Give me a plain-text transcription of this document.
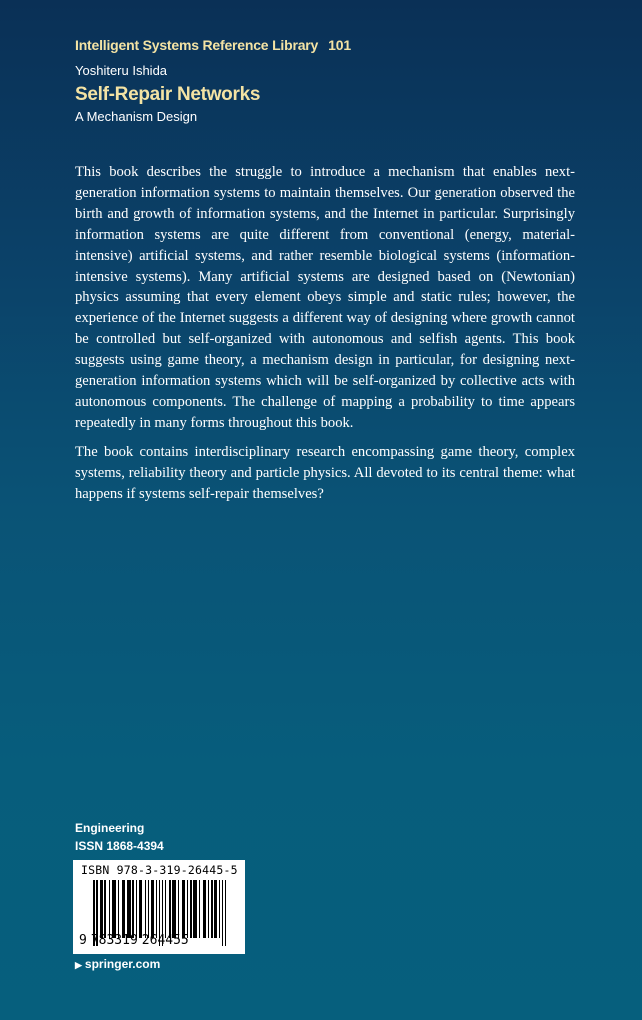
Intelligent Systems Reference Library 101
Yoshiteru Ishida
Self-Repair Networks
A Mechanism Design

This book describes the struggle to introduce a mechanism that enables next-generation information systems to maintain themselves. Our generation observed the birth and growth of information systems, and the Internet in particular. Surprisingly information systems are quite different from conventional (energy, material-intensive) artificial systems, and rather resemble biological systems (information-intensive systems). Many artificial systems are designed based on (Newtonian) physics assuming that every element obeys simple and static rules; however, the experience of the Internet suggests a different way of designing where growth cannot be controlled but self-organized with autonomous and selfish agents. This book suggests using game theory, a mechanism design in particular, for designing next-generation information systems which will be self-organized by collective acts with autonomous components. The challenge of mapping a probability to time appears repeatedly in many forms throughout this book.

The book contains interdisciplinary research encompassing game theory, complex systems, reliability theory and particle physics. All devoted to its central theme: what happens if systems self-repair themselves?

Engineering
ISSN 1868-4394
ISBN 978-3-319-26445-5
9 783319 264455
▶ springer.com
